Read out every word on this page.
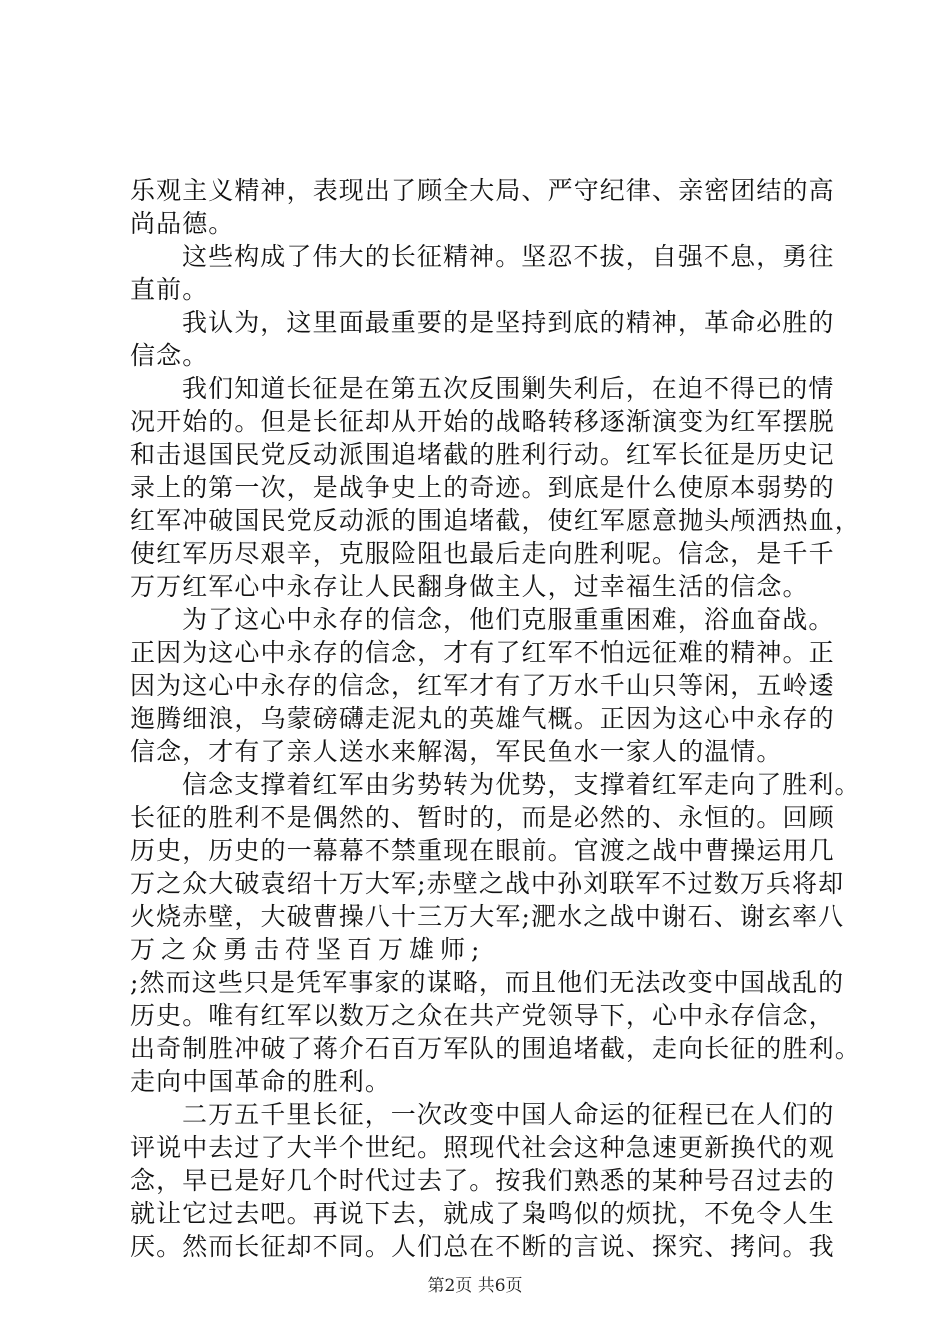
乐观主义精神，表现出了顾全大局、严守纪律、亲密团结的高
尚品德。
这些构成了伟大的长征精神。坚忍不拔，自强不息，勇往
直前。
我认为，这里面最重要的是坚持到底的精神，革命必胜的
信念。
我们知道长征是在第五次反围剿失利后，在迫不得已的情
况开始的。但是长征却从开始的战略转移逐渐演变为红军摆脱
和击退国民党反动派围追堵截的胜利行动。红军长征是历史记
录上的第一次，是战争史上的奇迹。到底是什么使原本弱势的
红军冲破国民党反动派的围追堵截，使红军愿意抛头颅洒热血，
使红军历尽艰辛，克服险阻也最后走向胜利呢。信念，是千千
万万红军心中永存让人民翻身做主人，过幸福生活的信念。
为了这心中永存的信念，他们克服重重困难，浴血奋战。
正因为这心中永存的信念，才有了红军不怕远征难的精神。正
因为这心中永存的信念，红军才有了万水千山只等闲，五岭逶
迤腾细浪，乌蒙磅礴走泥丸的英雄气概。正因为这心中永存的
信念，才有了亲人送水来解渴，军民鱼水一家人的温情。
信念支撑着红军由劣势转为优势，支撑着红军走向了胜利。
长征的胜利不是偶然的、暂时的，而是必然的、永恒的。回顾
历史，历史的一幕幕不禁重现在眼前。官渡之战中曹操运用几
万之众大破袁绍十万大军;赤壁之战中孙刘联军不过数万兵将却
火烧赤壁，大破曹操八十三万大军;淝水之战中谢石、谢玄率八
万之众勇击苻坚百万雄师;
;然而这些只是凭军事家的谋略，而且他们无法改变中国战乱的
历史。唯有红军以数万之众在共产党领导下，心中永存信念，
出奇制胜冲破了蒋介石百万军队的围追堵截，走向长征的胜利。
走向中国革命的胜利。
二万五千里长征，一次改变中国人命运的征程已在人们的
评说中去过了大半个世纪。照现代社会这种急速更新换代的观
念，早已是好几个时代过去了。按我们熟悉的某种号召过去的
就让它过去吧。再说下去，就成了枭鸣似的烦扰，不免令人生
厌。然而长征却不同。人们总在不断的言说、探究、拷问。我
第2页 共6页
